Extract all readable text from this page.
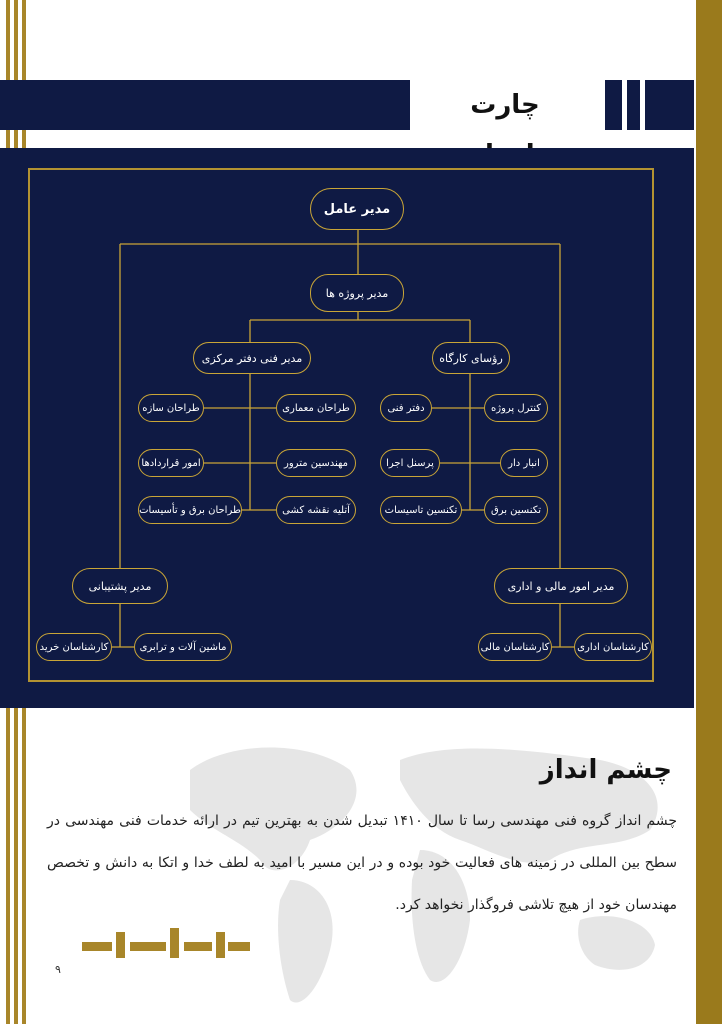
چارت
مدیر عامل
مدیر پروژه ها
مدیر فنی دفتر مرکزی	رؤسای کارگاه
طراحان معماری
طراحان سازه
مهندسین مترور
امور قراردادها
آتلیه نقشه کشی
طراحان برق و تأسیسات
کنترل پروژه
دفتر فنی
انبار دار
پرسنل اجرا
تکنسین برق
تکنسین تاسیسات
مدیر پشتیبانی
ماشین آلات و ترابری
کارشناسان خرید
مدیر امور مالی و اداری
کارشناسان اداری
کارشناسان مالی
چشم انداز
چشم انداز گروه فنی مهندسی رسا تا سال ۱۴۱۰ تبدیل شدن به بهترین تیم در ارائه خدمات فنی مهندسی در سطح بین المللی در زمینه های فعالیت خود بوده و در این مسیر با امید به لطف خدا و اتکا به دانش و تخصص مهندسان خود از هیچ تلاشی فروگذار نخواهد کرد.
۹
